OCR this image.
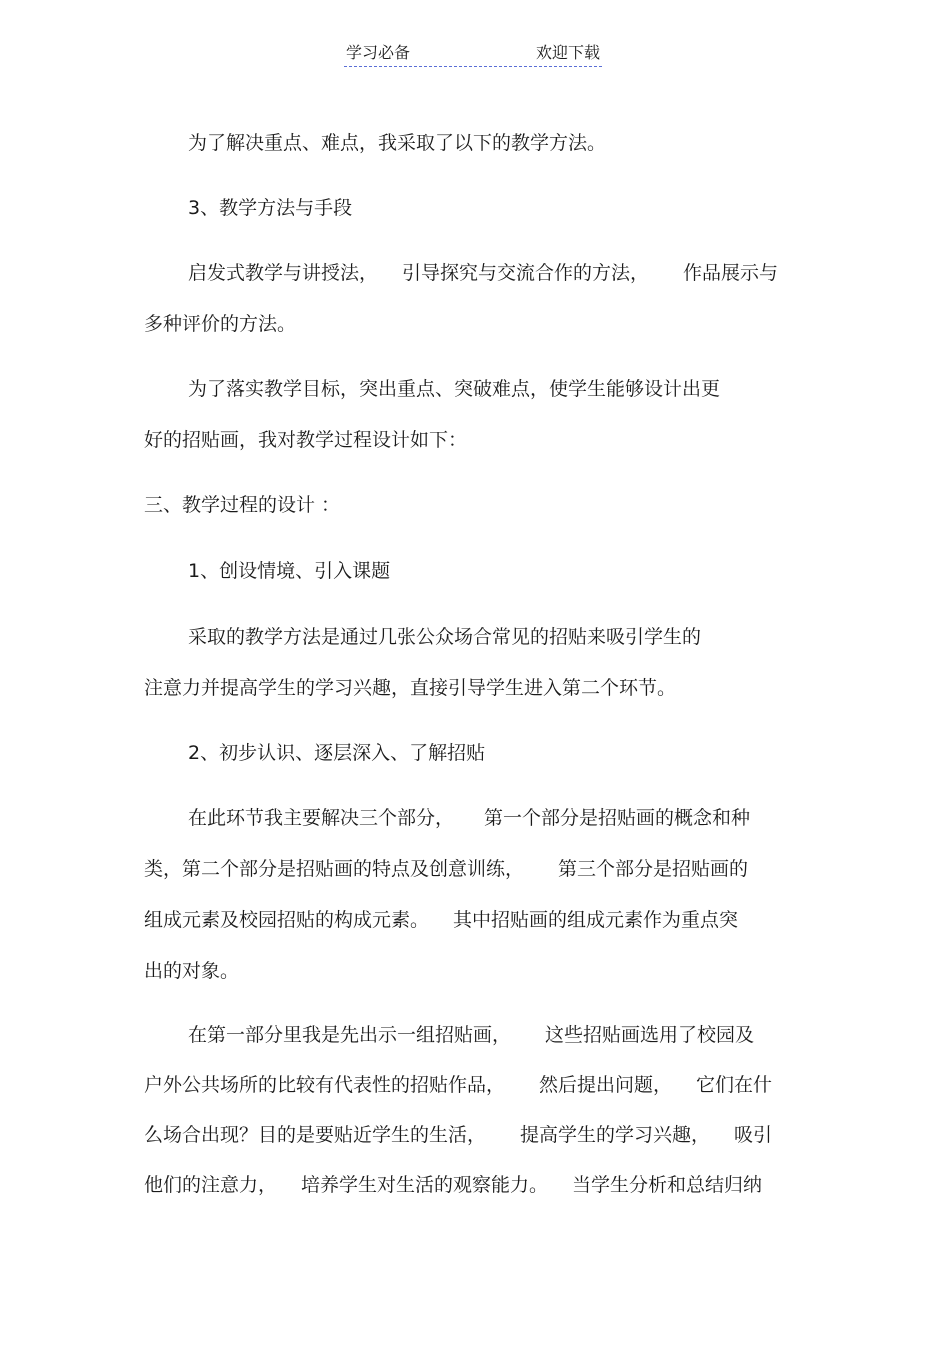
学习必备	欢迎下载
为了解决重点、难点，我采取了以下的教学方法。
3、教学方法与手段
启发式教学与讲授法， 引导探究与交流合作的方法， 作品展示与
多种评价的方法。
为了落实教学目标，突出重点、突破难点，使学生能够设计出更
好的招贴画，我对教学过程设计如下：
三、教学过程的设计 ：
1、创设情境、引入课题
采取的教学方法是通过几张公众场合常见的招贴来吸引学生的
注意力并提高学生的学习兴趣，直接引导学生进入第二个环节。
2、初步认识、逐层深入、了解招贴
在此环节我主要解决三个部分， 第一个部分是招贴画的概念和种
类，第二个部分是招贴画的特点及创意训练， 第三个部分是招贴画的
组成元素及校园招贴的构成元素。 其中招贴画的组成元素作为重点突
出的对象。
在第一部分里我是先出示一组招贴画， 这些招贴画选用了校园及
户外公共场所的比较有代表性的招贴作品， 然后提出问题， 它们在什
么场合出现？目的是要贴近学生的生活， 提高学生的学习兴趣， 吸引
他们的注意力， 培养学生对生活的观察能力。 当学生分析和总结归纳
